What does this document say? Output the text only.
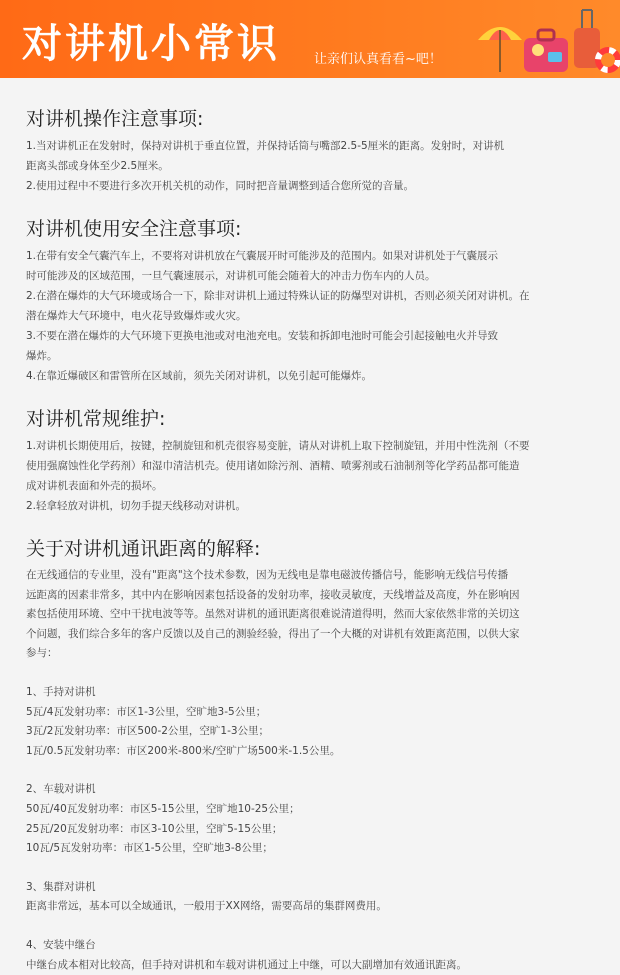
对讲机小常识	让亲们认真看看~吧！
对讲机操作注意事项:

1.当对讲机正在发射时，保持对讲机于垂直位置，并保持话筒与嘴部2.5-5厘米的距离。发射时，对讲机

距离头部或身体至少2.5厘米。

2.使用过程中不要进行多次开机关机的动作，同时把音量调整到适合您所觉的音量。

对讲机使用安全注意事项:

1.在带有安全气囊汽车上，不要将对讲机放在气囊展开时可能涉及的范围内。如果对讲机处于气囊展示

时可能涉及的区域范围，一旦气囊速展示，对讲机可能会随着大的冲击力伤车内的人员。

2.在潜在爆炸的大气环境或场合一下，除非对讲机上通过特殊认证的防爆型对讲机，否则必须关闭对讲机。在

潜在爆炸大气环境中，电火花导致爆炸或火灾。

3.不要在潜在爆炸的大气环境下更换电池或对电池充电。安装和拆卸电池时可能会引起接触电火并导致

爆炸。

4.在靠近爆破区和雷管所在区域前，须先关闭对讲机，以免引起可能爆炸。

对讲机常规维护:

1.对讲机长期使用后，按键，控制旋钮和机壳很容易变脏，请从对讲机上取下控制旋钮，并用中性洗剂（不要

使用强腐蚀性化学药剂）和湿巾清洁机壳。使用诸如除污剂、酒精、喷雾剂或石油制剂等化学药品都可能造

成对讲机表面和外壳的损坏。

2.轻拿轻放对讲机，切勿手提天线移动对讲机。

关于对讲机通讯距离的解释:

在无线通信的专业里，没有"距离"这个技术参数，因为无线电是靠电磁波传播信号，能影响无线信号传播

远距离的因素非常多，其中内在影响因素包括设备的发射功率，接收灵敏度，天线增益及高度，外在影响因

素包括使用环境、空中干扰电波等等。虽然对讲机的通讯距离很难说清道得明，然而大家依然非常的关切这

个问题，我们综合多年的客户反馈以及自己的测验经验，得出了一个大概的对讲机有效距离范围，以供大家

参与：

1、手持对讲机

5瓦/4瓦发射功率：市区1-3公里，空旷地3-5公里；

3瓦/2瓦发射功率：市区500-2公里，空旷1-3公里；

1瓦/0.5瓦发射功率：市区200米-800米/空旷广场500米-1.5公里。

2、车载对讲机

50瓦/40瓦发射功率：市区5-15公里，空旷地10-25公里；

25瓦/20瓦发射功率：市区3-10公里，空旷5-15公里；

10瓦/5瓦发射功率：市区1-5公里，空旷地3-8公里；

3、集群对讲机

距离非常远，基本可以全域通讯，一般用于XX网络，需要高昂的集群网费用。

4、安装中继台

中继台成本相对比较高，但手持对讲机和车载对讲机通过上中继，可以大副增加有效通讯距离。
